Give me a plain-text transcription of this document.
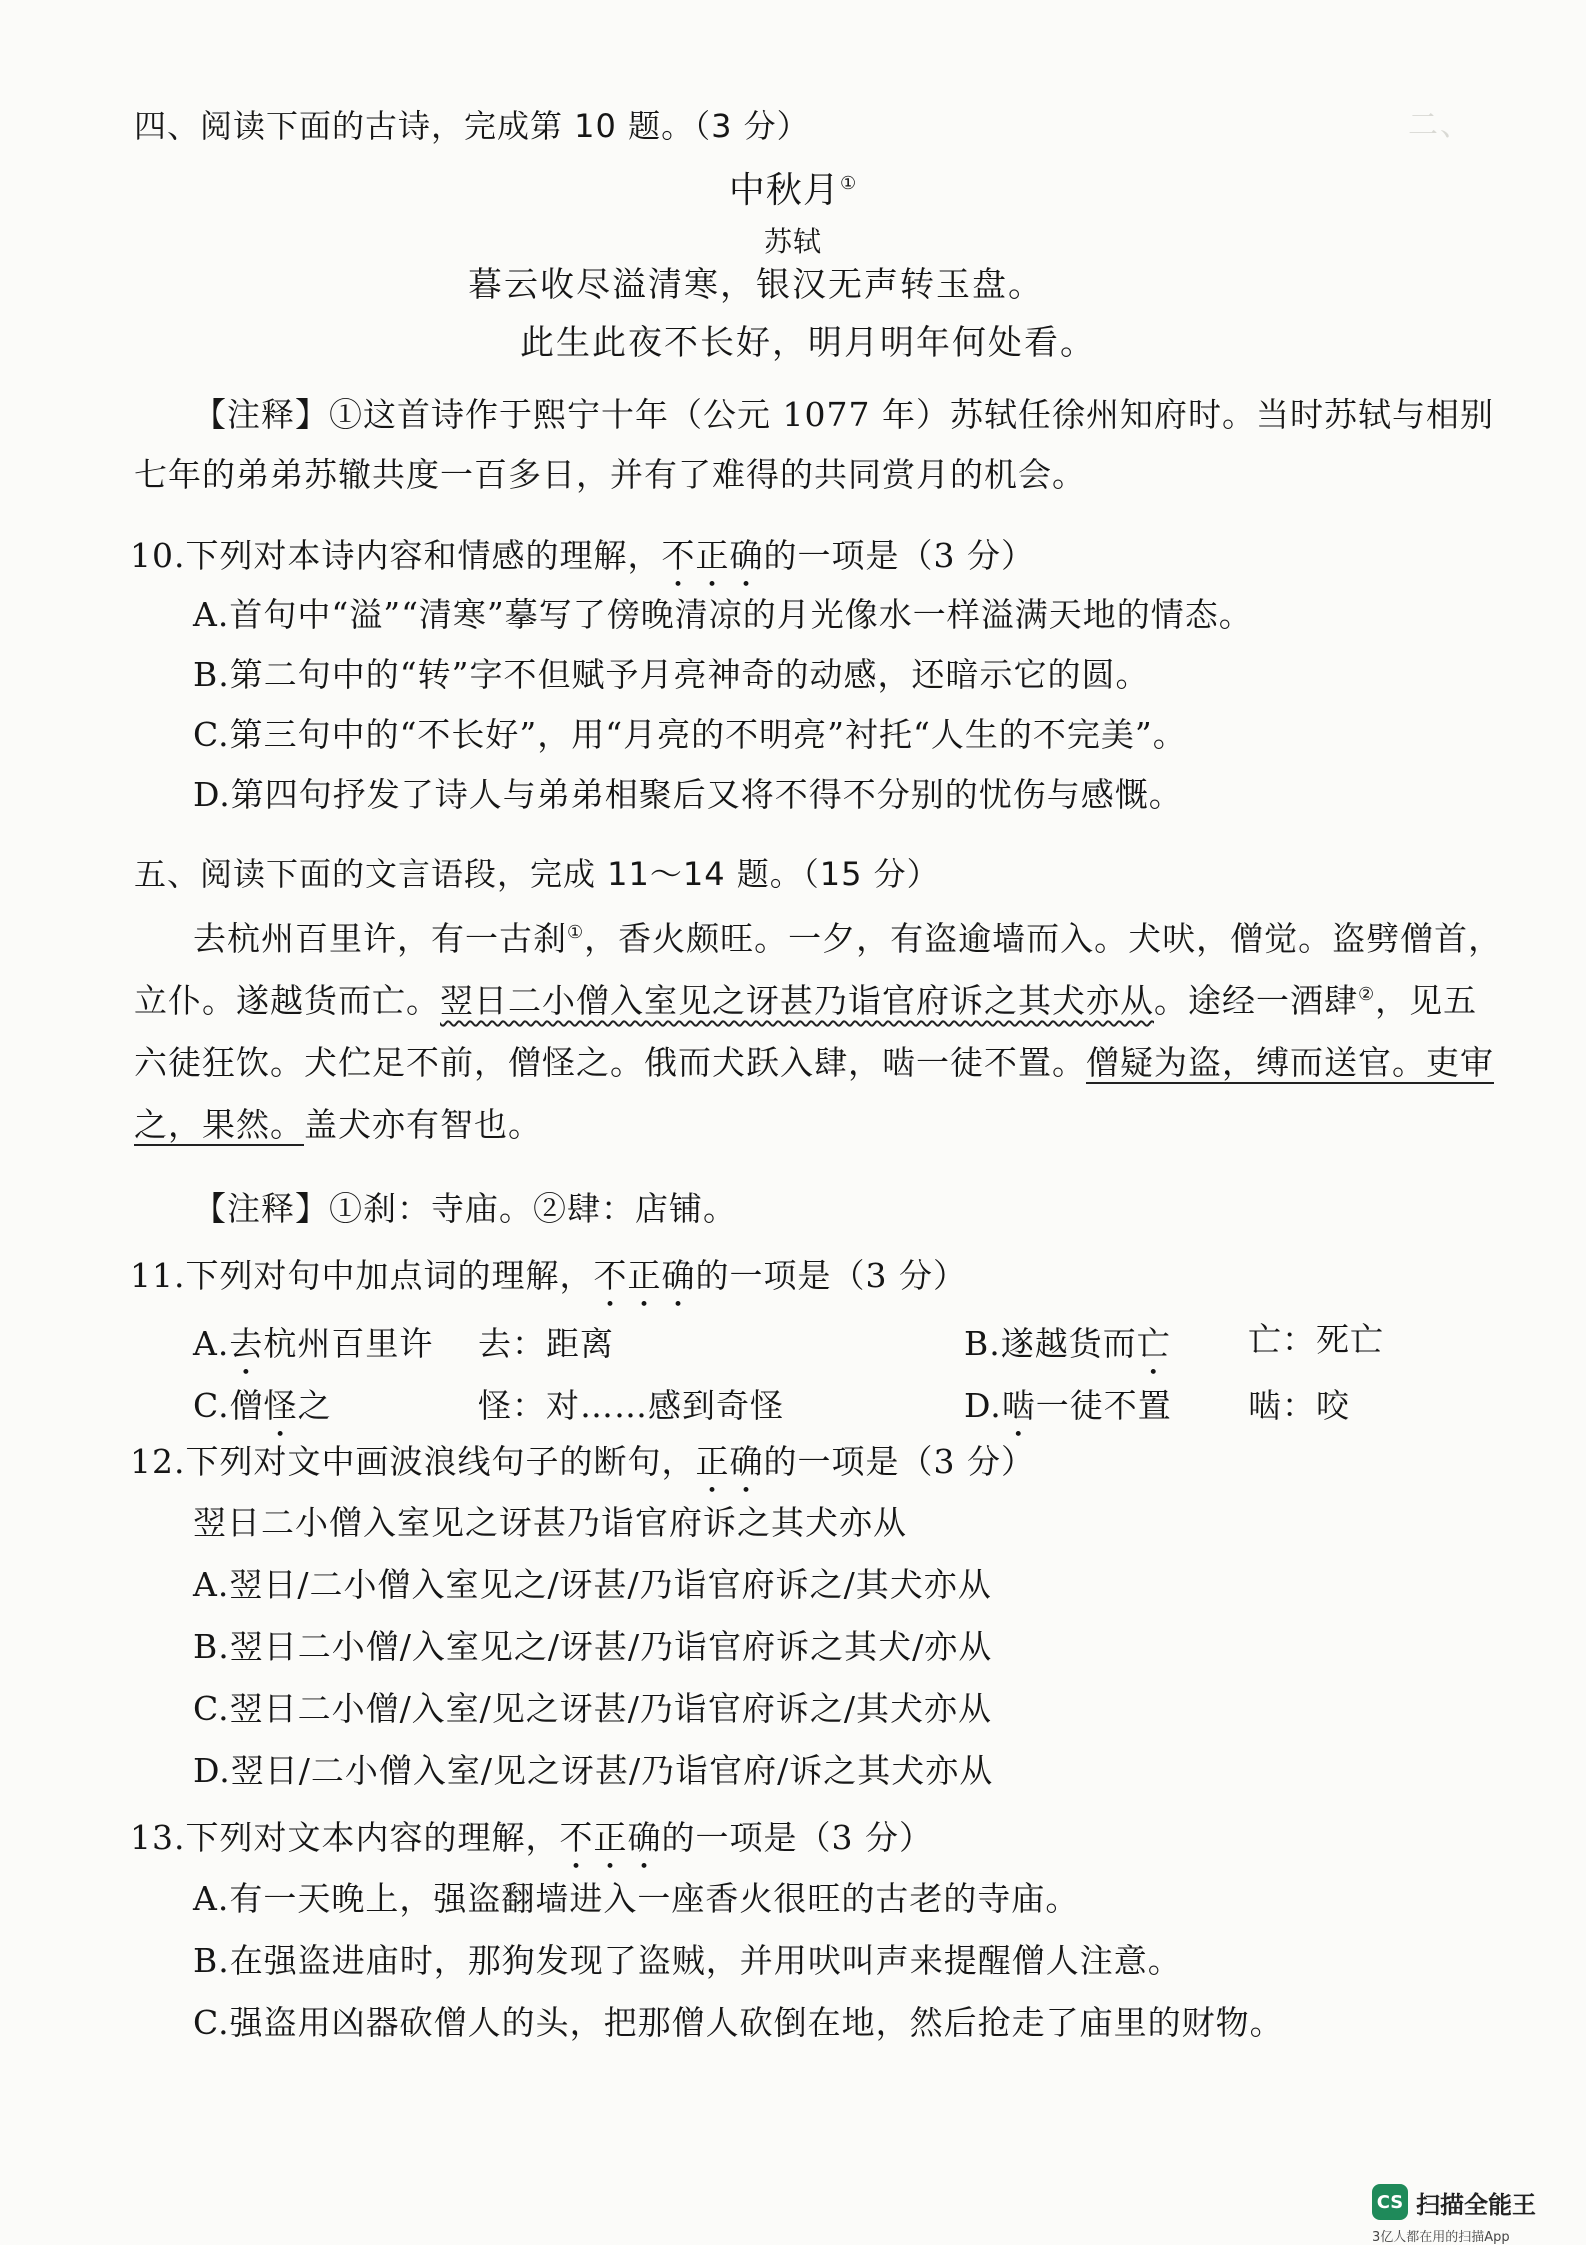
二、

四、阅读下面的古诗，完成第 10 题。（3 分）
中秋月①
苏轼
暮云收尽溢清寒，银汉无声转玉盘。
此生此夜不长好，明月明年何处看。
【注释】①这首诗作于熙宁十年（公元 1077 年）苏轼任徐州知府时。当时苏轼与相别
七年的弟弟苏辙共度一百多日，并有了难得的共同赏月的机会。
10.下列对本诗内容和情感的理解，不正确的一项是（3 分）
A.首句中“溢”“清寒”摹写了傍晚清凉的月光像水一样溢满天地的情态。
B.第二句中的“转”字不但赋予月亮神奇的动感，还暗示它的圆。
C.第三句中的“不长好”，用“月亮的不明亮”衬托“人生的不完美”。
D.第四句抒发了诗人与弟弟相聚后又将不得不分别的忧伤与感慨。
五、阅读下面的文言语段，完成 11～14 题。（15 分）
去杭州百里许，有一古刹①，香火颇旺。一夕，有盗逾墙而入。犬吠，僧觉。盗劈僧首，
立仆。遂越货而亡。翌日二小僧入室见之讶甚乃诣官府诉之其犬亦从。途经一酒肆②，见五
六徒狂饮。犬伫足不前，僧怪之。俄而犬跃入肆，啮一徒不置。僧疑为盗，缚而送官。吏审
之，果然。盖犬亦有智也。
【注释】①刹：寺庙。②肆：店铺。
11.下列对句中加点词的理解，不正确的一项是（3 分）
A.去杭州百里许 去：距离	B.遂越货而亡 亡：死亡
C.僧怪之	怪：对……感到奇怪	D.啮一徒不置 啮：咬
12.下列对文中画波浪线句子的断句，正确的一项是（3 分）
翌日二小僧入室见之讶甚乃诣官府诉之其犬亦从
A.翌日/二小僧入室见之/讶甚/乃诣官府诉之/其犬亦从
B.翌日二小僧/入室见之/讶甚/乃诣官府诉之其犬/亦从
C.翌日二小僧/入室/见之讶甚/乃诣官府诉之/其犬亦从
D.翌日/二小僧入室/见之讶甚/乃诣官府/诉之其犬亦从
13.下列对文本内容的理解，不正确的一项是（3 分）
A.有一天晚上，强盗翻墙进入一座香火很旺的古老的寺庙。
B.在强盗进庙时，那狗发现了盗贼，并用吠叫声来提醒僧人注意。
C.强盗用凶器砍僧人的头，把那僧人砍倒在地，然后抢走了庙里的财物。
CS 扫描全能王
3亿人都在用的扫描App
